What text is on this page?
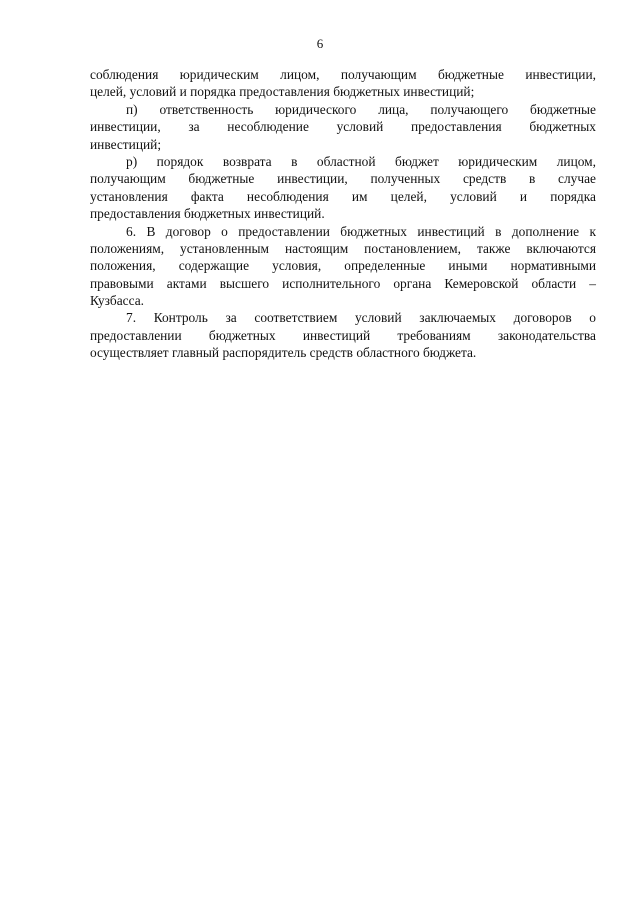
6
соблюдения юридическим лицом, получающим бюджетные инвестиции,
целей, условий и порядка предоставления бюджетных инвестиций;
п) ответственность юридического лица, получающего бюджетные
инвестиции, за несоблюдение условий предоставления бюджетных
инвестиций;
р) порядок возврата в областной бюджет юридическим лицом,
получающим бюджетные инвестиции, полученных средств в случае
установления факта несоблюдения им целей, условий и порядка
предоставления бюджетных инвестиций.
6. В договор о предоставлении бюджетных инвестиций в дополнение к
положениям, установленным настоящим постановлением, также включаются
положения, содержащие условия, определенные иными нормативными
правовыми актами высшего исполнительного органа Кемеровской области –
Кузбасса.
7. Контроль за соответствием условий заключаемых договоров о
предоставлении бюджетных инвестиций требованиям законодательства
осуществляет главный распорядитель средств областного бюджета.
